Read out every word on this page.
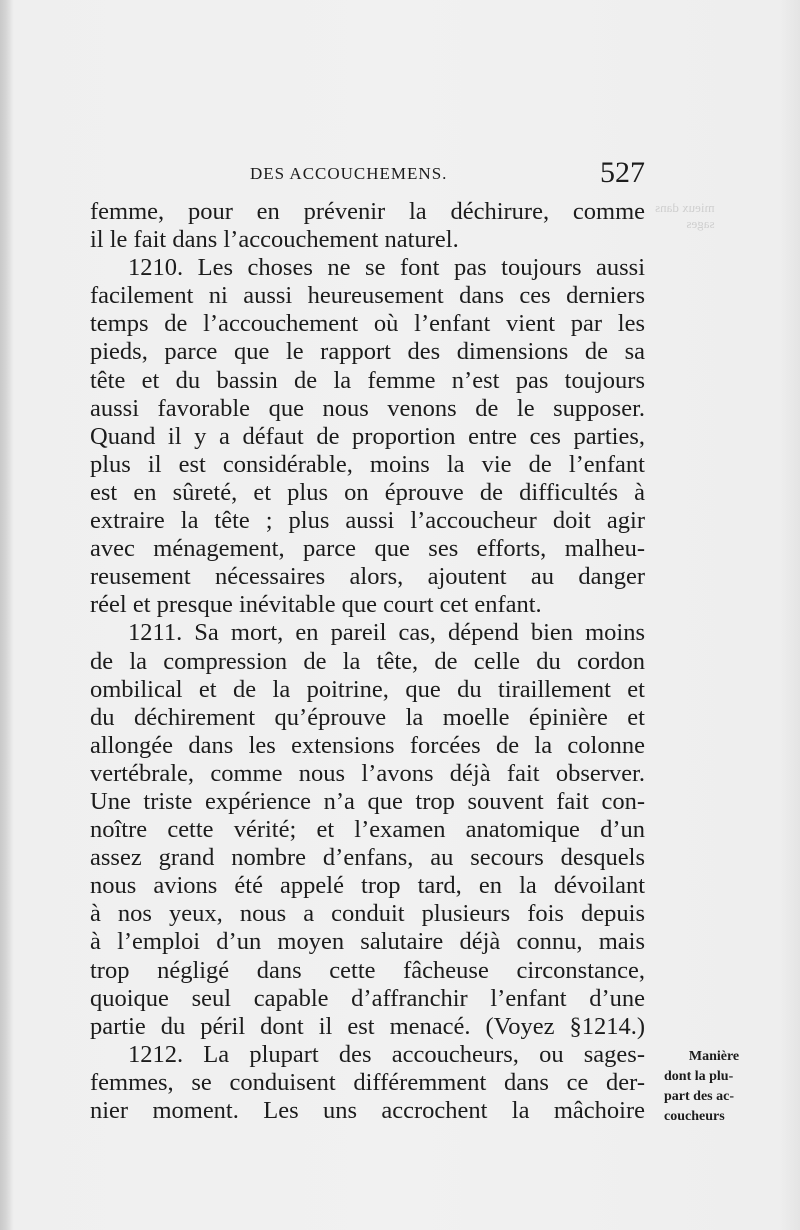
mieux dans
sages
DES ACCOUCHEMENS.	527
femme, pour en prévenir la déchirure, comme
il le fait dans l’accouchement naturel.
1210. Les choses ne se font pas toujours aussi
facilement ni aussi heureusement dans ces derniers
temps de l’accouchement où l’enfant vient par les
pieds, parce que le rapport des dimensions de sa
tête et du bassin de la femme n’est pas toujours
aussi favorable que nous venons de le supposer.
Quand il y a défaut de proportion entre ces parties,
plus il est considérable, moins la vie de l’enfant
est en sûreté, et plus on éprouve de difficultés à
extraire la tête ; plus aussi l’accoucheur doit agir
avec ménagement, parce que ses efforts, malheu-
reusement nécessaires alors, ajoutent au danger
réel et presque inévitable que court cet enfant.
1211. Sa mort, en pareil cas, dépend bien moins
de la compression de la tête, de celle du cordon
ombilical et de la poitrine, que du tiraillement et
du déchirement qu’éprouve la moelle épinière et
allongée dans les extensions forcées de la colonne
vertébrale, comme nous l’avons déjà fait observer.
Une triste expérience n’a que trop souvent fait con-
noître cette vérité; et l’examen anatomique d’un
assez grand nombre d’enfans, au secours desquels
nous avions été appelé trop tard, en la dévoilant
à nos yeux, nous a conduit plusieurs fois depuis
à l’emploi d’un moyen salutaire déjà connu, mais
trop négligé dans cette fâcheuse circonstance,
quoique seul capable d’affranchir l’enfant d’une
partie du péril dont il est menacé. (Voyez §1214.)
1212. La plupart des accoucheurs, ou sages-
femmes, se conduisent différemment dans ce der-
nier moment. Les uns accrochent la mâchoire
Manière
dont la plu-
part des ac-
coucheurs
